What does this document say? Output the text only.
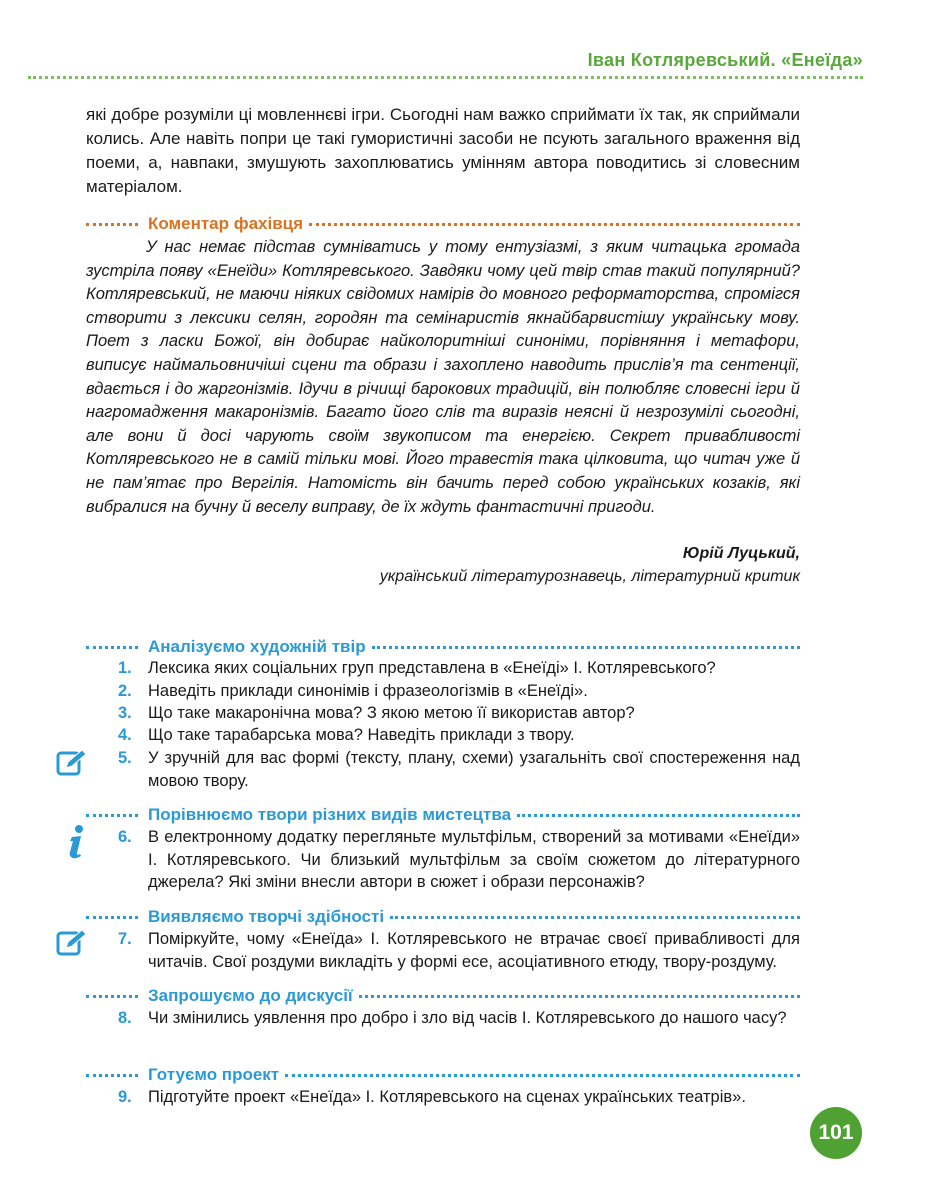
Іван Котляревський. «Енеїда»
які добре розуміли ці мовленнєві ігри. Сьогодні нам важко сприймати їх так, як сприймали колись. Але навіть попри це такі гумористичні засоби не псують загального враження від поеми, а, навпаки, змушують захоплюватись умінням автора поводитись зі словесним матеріалом.
Коментар фахівця

У нас немає підстав сумніватись у тому ентузіазмі, з яким читацька громада зустріла появу «Енеїди» Котляревського. Завдяки чому цей твір став такий популярний? Котляревський, не маючи ніяких свідомих намірів до мовного реформаторства, спромігся створити з лексики селян, городян та семінаристів якнайбарвистішу українську мову. Поет з ласки Божої, він добирає найколоритніші синоніми, порівняння і метафори, виписує наймальовничіші сцени та образи і захоплено наводить прислів’я та сентенції, вдається і до жаргонізмів. Ідучи в річищі барокових традицій, він полюбляє словесні ігри й нагромадження макаронізмів. Багато його слів та виразів неясні й незрозумілі сьогодні, але вони й досі чарують своїм звукописом та енергією. Секрет привабливості Котляревського не в самій тільки мові. Його травестія така цілковита, що читач уже й не пам’ятає про Вергілія. Натомість він бачить перед собою українських козаків, які вибралися на бучну й веселу виправу, де їх ждуть фантастичні пригоди.

Юрій Луцький,
український літературознавець, літературний критик
Аналізуємо художній твір
1. Лексика яких соціальних груп представлена в «Енеїді» І. Котляревського?
2. Наведіть приклади синонімів і фразеологізмів в «Енеїді».
3. Що таке макаронічна мова? З якою метою її використав автор?
4. Що таке тарабарська мова? Наведіть приклади з твору.
5. У зручній для вас формі (тексту, плану, схеми) узагальніть свої спостереження над мовою твору.
Порівнюємо твори різних видів мистецтва
6. В електронному додатку перегляньте мультфільм, створений за мотивами «Енеїди» І. Котляревського. Чи близький мультфільм за своїм сюжетом до літературного джерела? Які зміни внесли автори в сюжет і образи персонажів?
Виявляємо творчі здібності
7. Поміркуйте, чому «Енеїда» І. Котляревського не втрачає своєї привабливості для читачів. Свої роздуми викладіть у формі есе, асоціативного етюду, твору-роздуму.
Запрошуємо до дискусії
8. Чи змінились уявлення про добро і зло від часів І. Котляревського до нашого часу?
Готуємо проект
9. Підготуйте проект «Енеїда» І. Котляревського на сценах українських театрів».
101
